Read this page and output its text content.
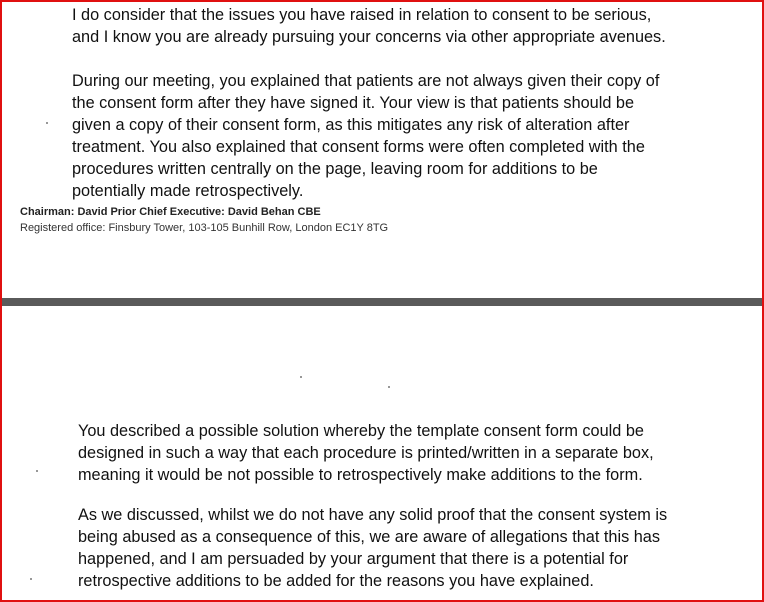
I do consider that the issues you have raised in relation to consent to be serious,
and I know you are already pursuing your concerns via other appropriate avenues.

During our meeting, you explained that patients are not always given their copy of
the consent form after they have signed it. Your view is that patients should be
given a copy of their consent form, as this mitigates any risk of alteration after
treatment. You also explained that consent forms were often completed with the
procedures written centrally on the page, leaving room for additions to be
potentially made retrospectively.

Chairman: David Prior Chief Executive: David Behan CBE
Registered office: Finsbury Tower, 103-105 Bunhill Row, London EC1Y 8TG

You described a possible solution whereby the template consent form could be
designed in such a way that each procedure is printed/written in a separate box,
meaning it would be not possible to retrospectively make additions to the form.

As we discussed, whilst we do not have any solid proof that the consent system is
being abused as a consequence of this, we are aware of allegations that this has
happened, and I am persuaded by your argument that there is a potential for
retrospective additions to be added for the reasons you have explained.
